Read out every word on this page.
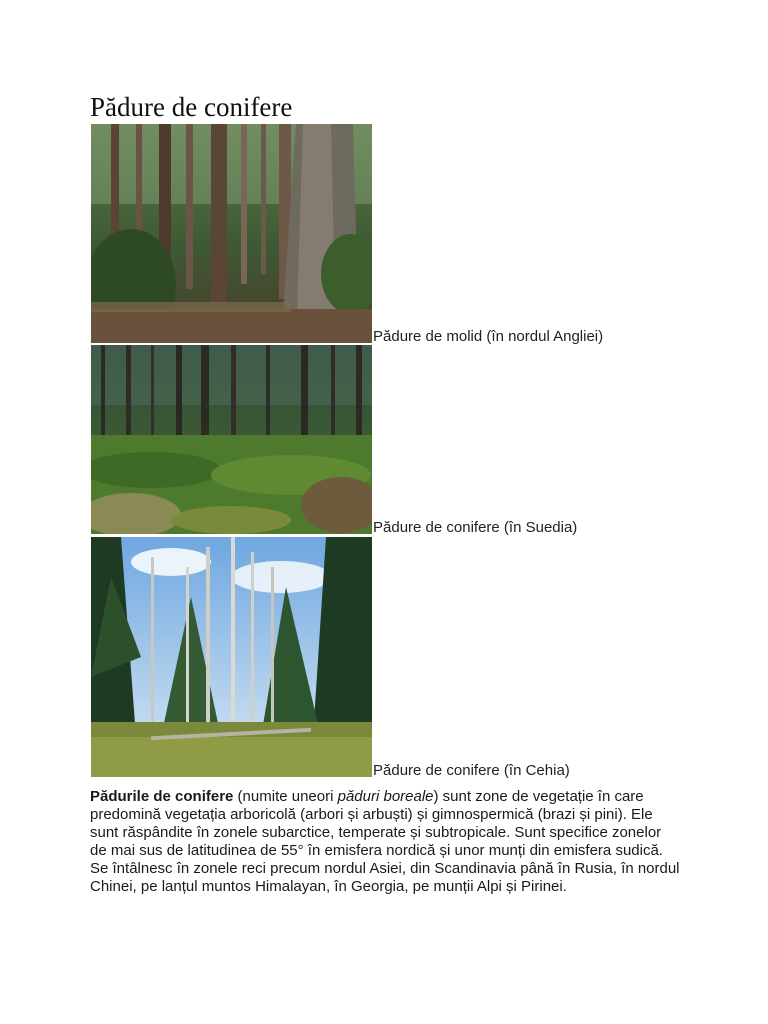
Pădure de conifere
Pădure de molid (în nordul Angliei)
Pădure de conifere (în Suedia)
Pădure de conifere (în Cehia)

Pădurile de conifere (numite uneori păduri boreale) sunt zone de vegetație în care predomină vegetația arboricolă (arbori și arbuști) și gimnospermică (brazi și pini). Ele sunt răspândite în zonele subarctice, temperate și subtropicale. Sunt specifice zonelor de mai sus de latitudinea de 55° în emisfera nordică și unor munți din emisfera sudică. Se întâlnesc în zonele reci precum nordul Asiei, din Scandinavia până în Rusia, în nordul Chinei, pe lanțul muntos Himalayan, în Georgia, pe munții Alpi și Pirinei.
